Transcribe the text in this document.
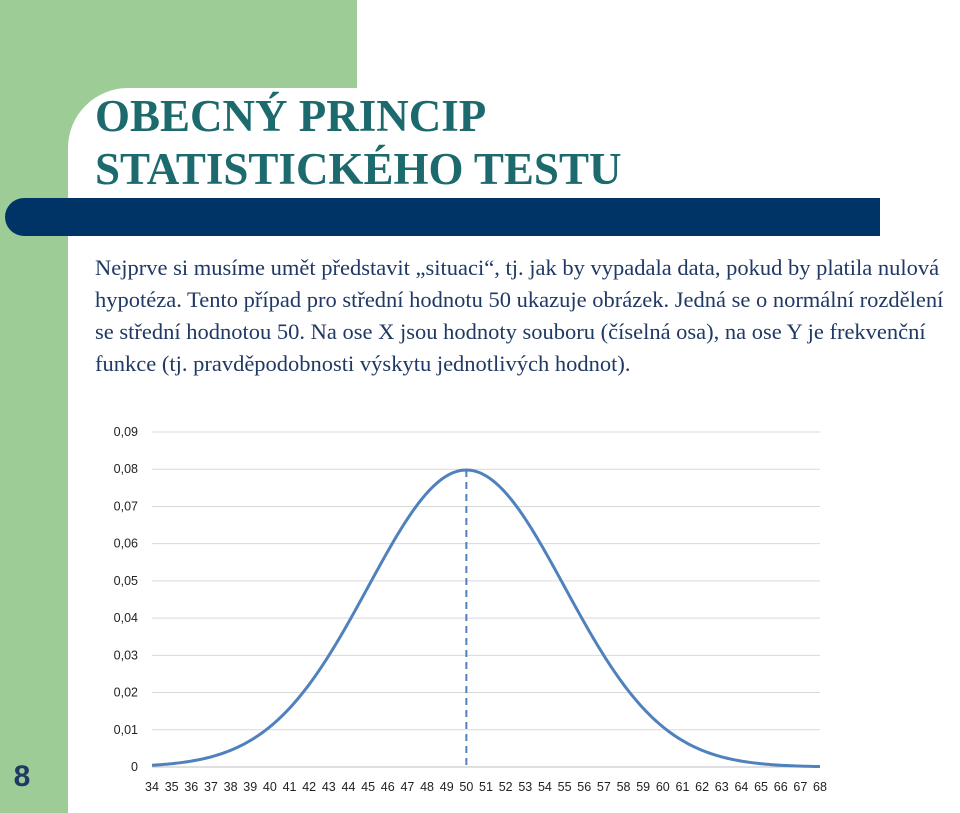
OBECNÝ PRINCIP
STATISTICKÉHO TESTU

Nejprve si musíme umět představit „situaci“, tj. jak by vypadala data, pokud by platila nulová hypotéza. Tento případ pro střední hodnotu 50 ukazuje obrázek. Jedná se o normální rozdělení se střední hodnotou 50. Na ose X jsou hodnoty souboru (číselná osa), na ose Y je frekvenční funkce (tj. pravděpodobnosti výskytu jednotlivých hodnot).

0
0,01
0,02
0,03
0,04
0,05
0,06
0,07
0,08
0,09
34 35 36 37 38 39 40 41 42 43 44 45 46 47 48 49 50 51 52 53 54 55 56 57 58 59 60 61 62 63 64 65 66 67 68
8
